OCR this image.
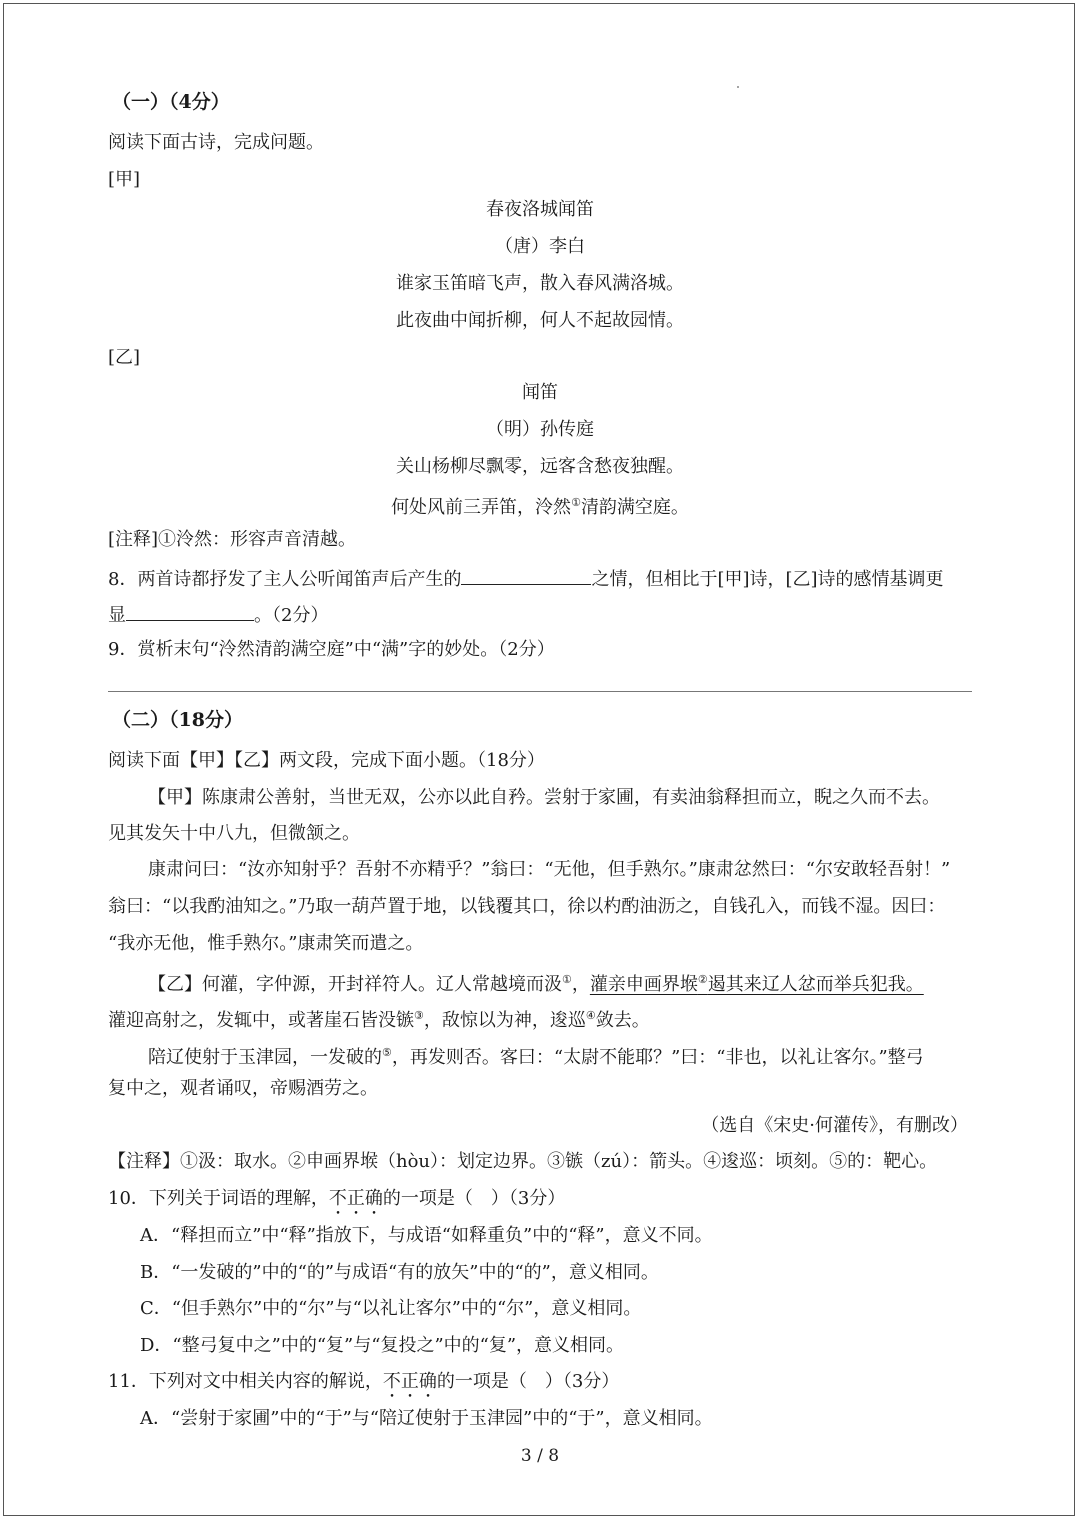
（一）（4分）
阅读下面古诗，完成问题。
[甲]
春夜洛城闻笛
（唐）李白
谁家玉笛暗飞声，散入春风满洛城。
此夜曲中闻折柳，何人不起故园情。
[乙]
闻笛
（明）孙传庭
关山杨柳尽飘零，远客含愁夜独醒。
何处风前三弄笛，泠然①清韵满空庭。
[注释]①泠然：形容声音清越。
8．两首诗都抒发了主人公听闻笛声后产生的	之情，但相比于[甲]诗，[乙]诗的感情基调更
显	。（2分）
9．赏析末句“泠然清韵满空庭”中“满”字的妙处。（2分）
（二）（18分）
阅读下面【甲】【乙】两文段，完成下面小题。（18分）
【甲】陈康肃公善射，当世无双，公亦以此自矜。尝射于家圃，有卖油翁释担而立，睨之久而不去。
见其发矢十中八九，但微颔之。
康肃问曰：“汝亦知射乎？吾射不亦精乎？”翁曰：“无他，但手熟尔。”康肃忿然曰：“尔安敢轻吾射！”
翁曰：“以我酌油知之。”乃取一葫芦置于地，以钱覆其口，徐以杓酌油沥之，自钱孔入，而钱不湿。因曰：
“我亦无他，惟手熟尔。”康肃笑而遣之。
【乙】何灌，字仲源，开封祥符人。辽人常越境而汲①，灌亲申画界堠②遏其来辽人忿而举兵犯我。
灌迎高射之，发辄中，或著崖石皆没镞③，敌惊以为神，逡巡④敛去。
陪辽使射于玉津园，一发破的⑤，再发则否。客曰：“太尉不能耶？”曰：“非也，以礼让客尔。”整弓
复中之，观者诵叹，帝赐酒劳之。
（选自《宋史·何灌传》，有删改）
【注释】①汲：取水。②申画界堠（hòu）：划定边界。③镞（zú）：箭头。④逡巡：顷刻。⑤的：靶心。
10．下列关于词语的理解，不正确的一项是（　）（3分）
A．“释担而立”中“释”指放下，与成语“如释重负”中的“释”，意义不同。
B．“一发破的”中的“的”与成语“有的放矢”中的“的”，意义相同。
C．“但手熟尔”中的“尔”与“以礼让客尔”中的“尔”，意义相同。
D．“整弓复中之”中的“复”与“复投之”中的“复”，意义相同。
11．下列对文中相关内容的解说，不正确的一项是（　）（3分）
A．“尝射于家圃”中的“于”与“陪辽使射于玉津园”中的“于”，意义相同。
3 / 8
